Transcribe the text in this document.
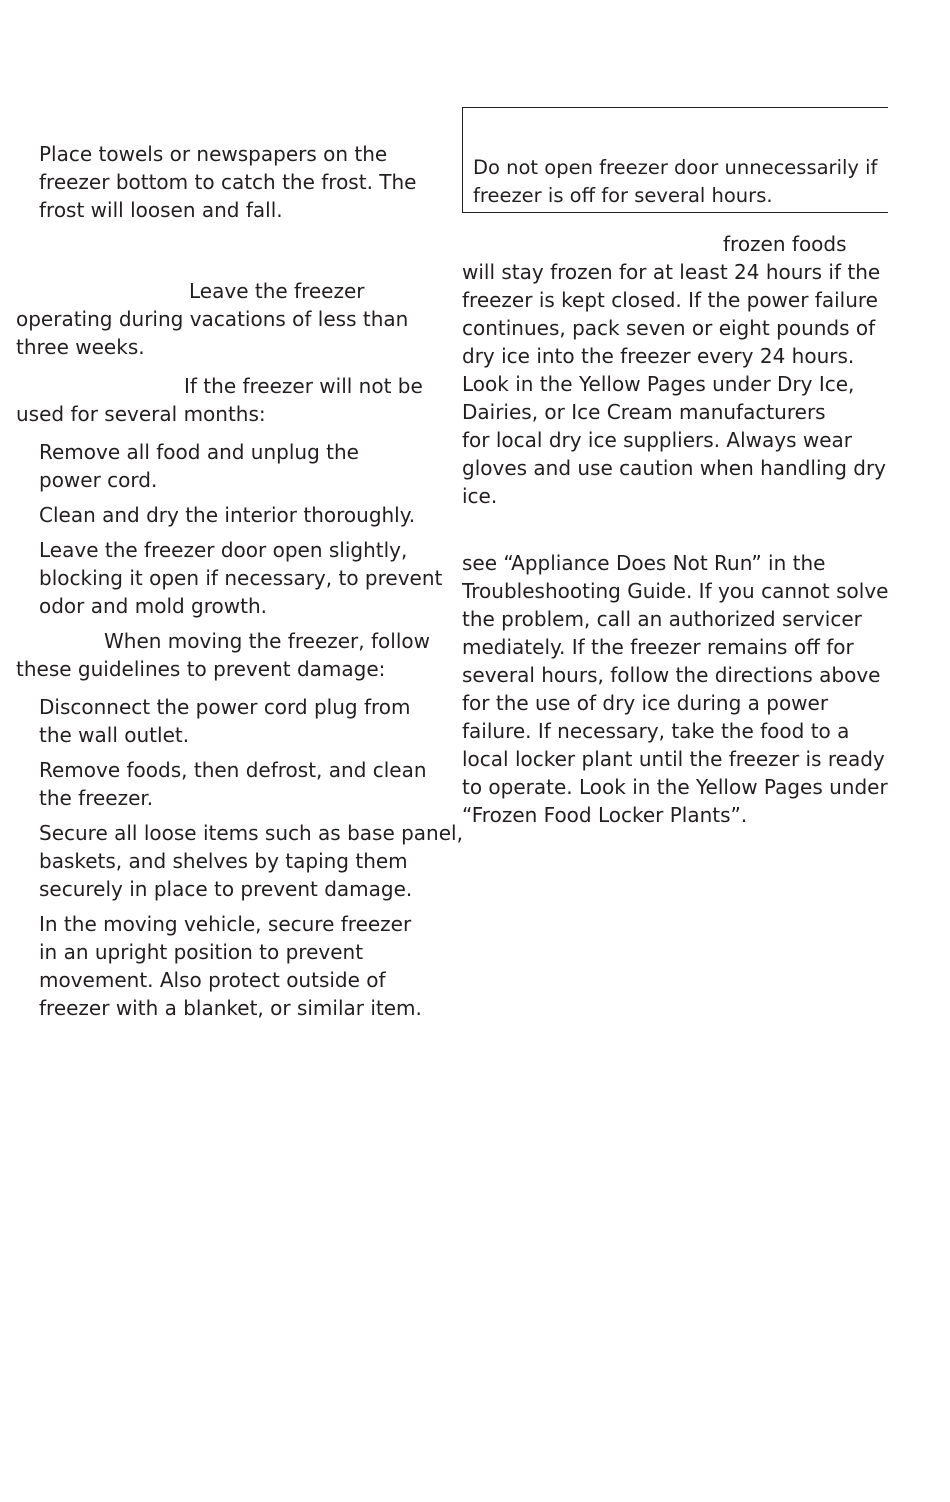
Place towels or newspapers on the
freezer bottom to catch the frost. The
frost will loosen and fall.
Leave the freezer
operating during vacations of less than
three weeks.
If the freezer will not be
used for several months:
Remove all food and unplug the
power cord.
Clean and dry the interior thoroughly.
Leave the freezer door open slightly,
blocking it open if necessary, to prevent
odor and mold growth.
When moving the freezer, follow
these guidelines to prevent damage:
Disconnect the power cord plug from
the wall outlet.
Remove foods, then defrost, and clean
the freezer.
Secure all loose items such as base panel,
baskets, and shelves by taping them
securely in place to prevent damage.
In the moving vehicle, secure freezer
in an upright position to prevent
movement. Also protect outside of
freezer with a blanket, or similar item.
Do not open freezer door unnecessarily if
freezer is off for several hours.
frozen foods
will stay frozen for at least 24 hours if the
freezer is kept closed. If the power failure
continues, pack seven or eight pounds of
dry ice into the freezer every 24 hours.
Look in the Yellow Pages under Dry Ice,
Dairies, or Ice Cream manufacturers
for local dry ice suppliers. Always wear
gloves and use caution when handling dry
ice.
see “Appliance Does Not Run” in the
Troubleshooting Guide. If you cannot solve
the problem, call an authorized servicer
mediately. If the freezer remains off for
several hours, follow the directions above
for the use of dry ice during a power
failure. If necessary, take the food to a
local locker plant until the freezer is ready
to operate. Look in the Yellow Pages under
“Frozen Food Locker Plants”.
